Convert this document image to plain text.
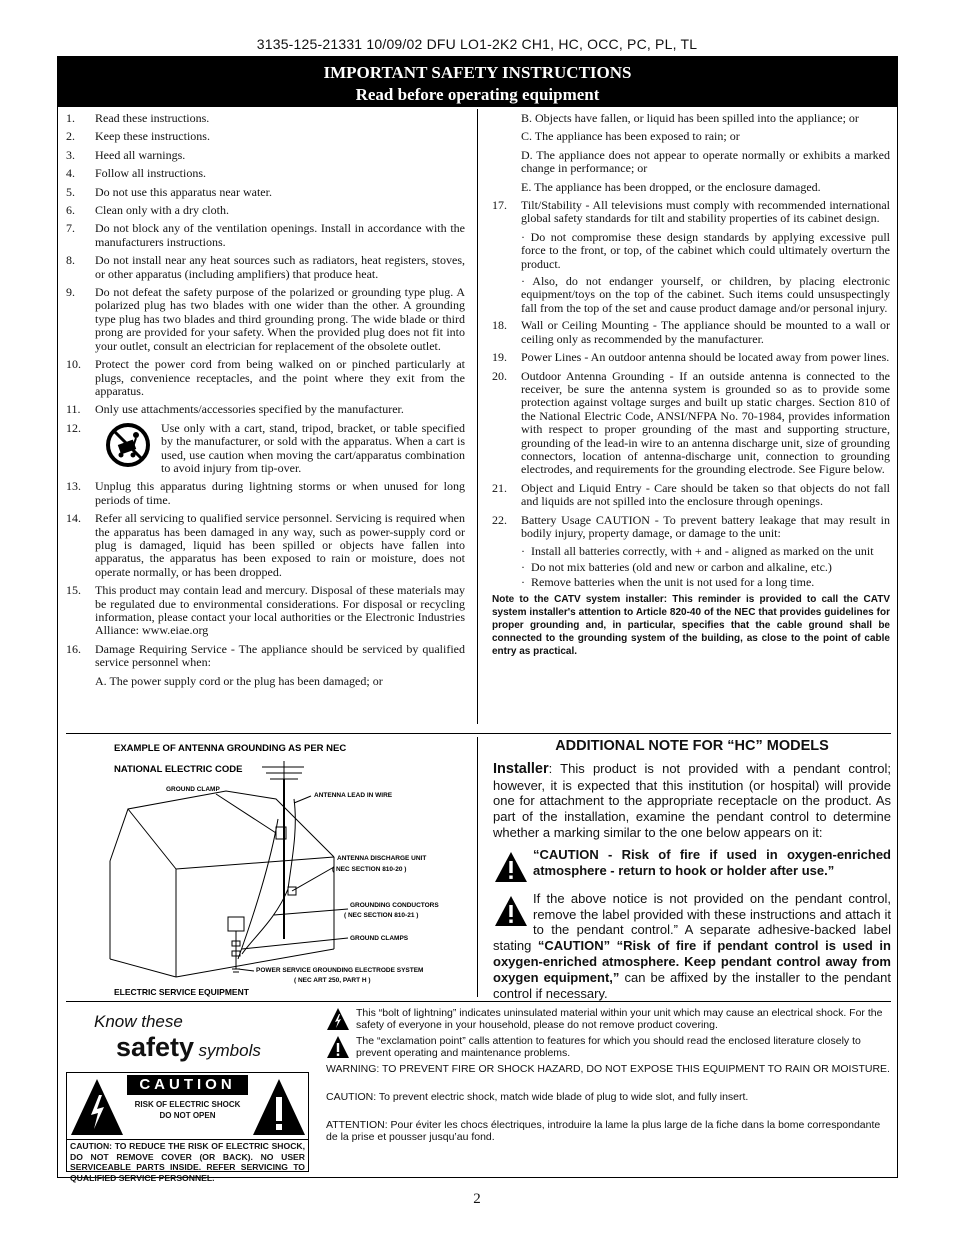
3135-125-21331 10/09/02 DFU LO1-2K2 CH1, HC, OCC, PC, PL, TL
IMPORTANT SAFETY INSTRUCTIONS
Read before operating equipment
1.	Read these instructions.
2.	Keep these instructions.
3.	Heed all warnings.
4.	Follow all instructions.
5.	Do not use this apparatus near water.
6.	Clean only with a dry cloth.
7.	Do not block any of the ventilation openings. Install in accordance with the manufacturers instructions.
8.	Do not install near any heat sources such as radiators, heat registers, stoves, or other apparatus (including amplifiers) that produce heat.
9.	Do not defeat the safety purpose of the polarized or grounding type plug. A polarized plug has two blades with one wider than the other. A grounding type plug has two blades and third grounding prong. The wide blade or third prong are provided for your safety. When the provided plug does not fit into your outlet, consult an electrician for replacement of the obsolete outlet.
10.	Protect the power cord from being walked on or pinched particularly at plugs, convenience receptacles, and the point where they exit from the apparatus.
11.	Only use attachments/accessories specified by the manufacturer.
12.	Use only with a cart, stand, tripod, bracket, or table specified by the manufacturer, or sold with the apparatus. When a cart is used, use caution when moving the cart/apparatus combination to avoid injury from tip-over.
13.	Unplug this apparatus during lightning storms or when unused for long periods of time.
14.	Refer all servicing to qualified service personnel. Servicing is required when the apparatus has been damaged in any way, such as power-supply cord or plug is damaged, liquid has been spilled or objects have fallen into apparatus, the apparatus has been exposed to rain or moisture, does not operate normally, or has been dropped.
15.	This product may contain lead and mercury. Disposal of these materials may be regulated due to environmental considerations. For disposal or recycling information, please contact your local authorities or the Electronic Industries Alliance: www.eiae.org
16.	Damage Requiring Service - The appliance should be serviced by qualified service personnel when:
A. The power supply cord or the plug has been damaged; or
B. Objects have fallen, or liquid has been spilled into the appliance; or
C. The appliance has been exposed to rain; or
D. The appliance does not appear to operate normally or exhibits a marked change in performance; or
E. The appliance has been dropped, or the enclosure damaged.
17.	Tilt/Stability - All televisions must comply with recommended international global safety standards for tilt and stability properties of its cabinet design.
· Do not compromise these design standards by applying excessive pull force to the front, or top, of the cabinet which could ultimately overturn the product.
· Also, do not endanger yourself, or children, by placing electronic equipment/toys on the top of the cabinet. Such items could unsuspectingly fall from the top of the set and cause product damage and/or personal injury.
18.	Wall or Ceiling Mounting - The appliance should be mounted to a wall or ceiling only as recommended by the manufacturer.
19.	Power Lines - An outdoor antenna should be located away from power lines.
20.	Outdoor Antenna Grounding - If an outside antenna is connected to the receiver, be sure the antenna system is grounded so as to provide some protection against voltage surges and built up static charges. Section 810 of the National Electric Code, ANSI/NFPA No. 70-1984, provides information with respect to proper grounding of the mast and supporting structure, grounding of the lead-in wire to an antenna discharge unit, size of grounding connectors, location of antenna-discharge unit, connection to grounding electrodes, and requirements for the grounding electrode. See Figure below.
21.	Object and Liquid Entry - Care should be taken so that objects do not fall and liquids are not spilled into the enclosure through openings.
22.	Battery Usage CAUTION - To prevent battery leakage that may result in bodily injury, property damage, or damage to the unit:
· Install all batteries correctly, with + and - aligned as marked on the unit
· Do not mix batteries (old and new or carbon and alkaline, etc.)
· Remove batteries when the unit is not used for a long time.
Note to the CATV system installer: This reminder is provided to call the CATV system installer's attention to Article 820-40 of the NEC that provides guidelines for proper grounding and, in particular, specifies that the cable ground shall be connected to the grounding system of the building, as close to the point of cable entry as practical.
EXAMPLE OF ANTENNA GROUNDING AS PER NEC
NATIONAL ELECTRIC CODE
GROUND CLAMP
ANTENNA LEAD IN WIRE
ANTENNA DISCHARGE UNIT
( NEC SECTION 810-20 )
GROUNDING CONDUCTORS
( NEC SECTION 810-21 )
GROUND CLAMPS
POWER SERVICE GROUNDING ELECTRODE SYSTEM
( NEC ART 250, PART H )
ELECTRIC SERVICE EQUIPMENT
ADDITIONAL NOTE FOR “HC” MODELS
Installer: This product is not provided with a pendant control; however, it is expected that this institution (or hospital) will provide one for attachment to the appropriate receptacle on the product. As part of the installation, examine the pendant control to determine whether a marking similar to the one below appears on it:
“CAUTION - Risk of fire if used in oxygen-enriched atmosphere - return to hook or holder after use.”
If the above notice is not provided on the pendant control, remove the label provided with these instructions and attach it to the pendant control.” A separate adhesive-backed label stating “CAUTION” “Risk of fire if pendant control is used in oxygen-enriched atmosphere. Keep pendant control away from oxygen equipment,” can be affixed by the installer to the pendant control if necessary.
Know these
safety symbols
CAUTION
RISK OF ELECTRIC SHOCK
DO NOT OPEN
CAUTION: TO REDUCE THE RISK OF ELECTRIC SHOCK, DO NOT REMOVE COVER (OR BACK). NO USER SERVICEABLE PARTS INSIDE. REFER SERVICING TO QUALIFIED SERVICE PERSONNEL.
This “bolt of lightning” indicates uninsulated material within your unit which may cause an electrical shock. For the safety of everyone in your household, please do not remove product covering.
The “exclamation point” calls attention to features for which you should read the enclosed literature closely to prevent operating and maintenance problems.
WARNING: TO PREVENT FIRE OR SHOCK HAZARD, DO NOT EXPOSE THIS EQUIPMENT TO RAIN OR MOISTURE.
CAUTION: To prevent electric shock, match wide blade of plug to wide slot, and fully insert.
ATTENTION: Pour éviter les chocs électriques, introduire la lame la plus large de la fiche dans la bome correspondante de la prise et pousser jusqu’au fond.
2
